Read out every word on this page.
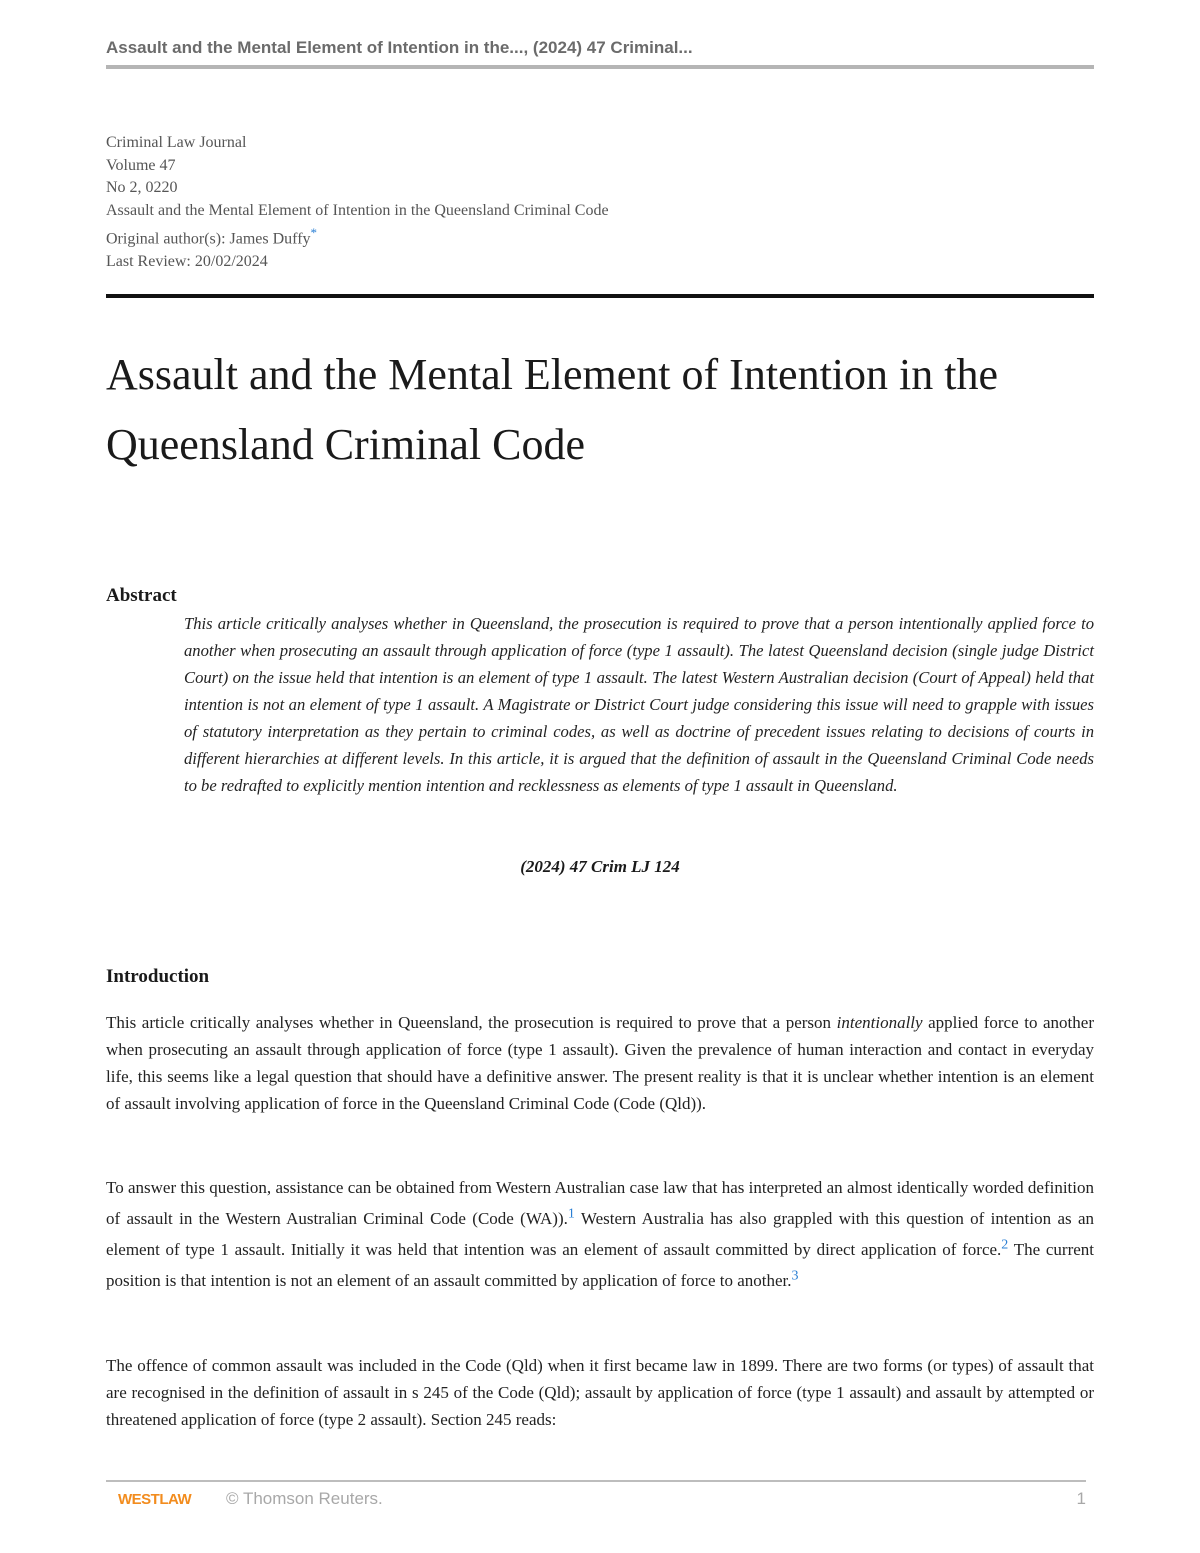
Assault and the Mental Element of Intention in the..., (2024) 47 Criminal...
Criminal Law Journal
Volume 47
No 2, 0220
Assault and the Mental Element of Intention in the Queensland Criminal Code
Original author(s): James Duffy*
Last Review: 20/02/2024
Assault and the Mental Element of Intention in the Queensland Criminal Code
Abstract

This article critically analyses whether in Queensland, the prosecution is required to prove that a person intentionally applied force to another when prosecuting an assault through application of force (type 1 assault). The latest Queensland decision (single judge District Court) on the issue held that intention is an element of type 1 assault. The latest Western Australian decision (Court of Appeal) held that intention is not an element of type 1 assault. A Magistrate or District Court judge considering this issue will need to grapple with issues of statutory interpretation as they pertain to criminal codes, as well as doctrine of precedent issues relating to decisions of courts in different hierarchies at different levels. In this article, it is argued that the definition of assault in the Queensland Criminal Code needs to be redrafted to explicitly mention intention and recklessness as elements of type 1 assault in Queensland.

(2024) 47 Crim LJ 124
Introduction

This article critically analyses whether in Queensland, the prosecution is required to prove that a person intentionally applied force to another when prosecuting an assault through application of force (type 1 assault). Given the prevalence of human interaction and contact in everyday life, this seems like a legal question that should have a definitive answer. The present reality is that it is unclear whether intention is an element of assault involving application of force in the Queensland Criminal Code (Code (Qld)).

To answer this question, assistance can be obtained from Western Australian case law that has interpreted an almost identically worded definition of assault in the Western Australian Criminal Code (Code (WA)).$^1$ Western Australia has also grappled with this question of intention as an element of type 1 assault. Initially it was held that intention was an element of assault committed by direct application of force.$^2$ The current position is that intention is not an element of an assault committed by application of force to another.$^3$

The offence of common assault was included in the Code (Qld) when it first became law in 1899. There are two forms (or types) of assault that are recognised in the definition of assault in s 245 of the Code (Qld); assault by application of force (type 1 assault) and assault by attempted or threatened application of force (type 2 assault). Section 245 reads:

WESTLAW © Thomson Reuters.	1
